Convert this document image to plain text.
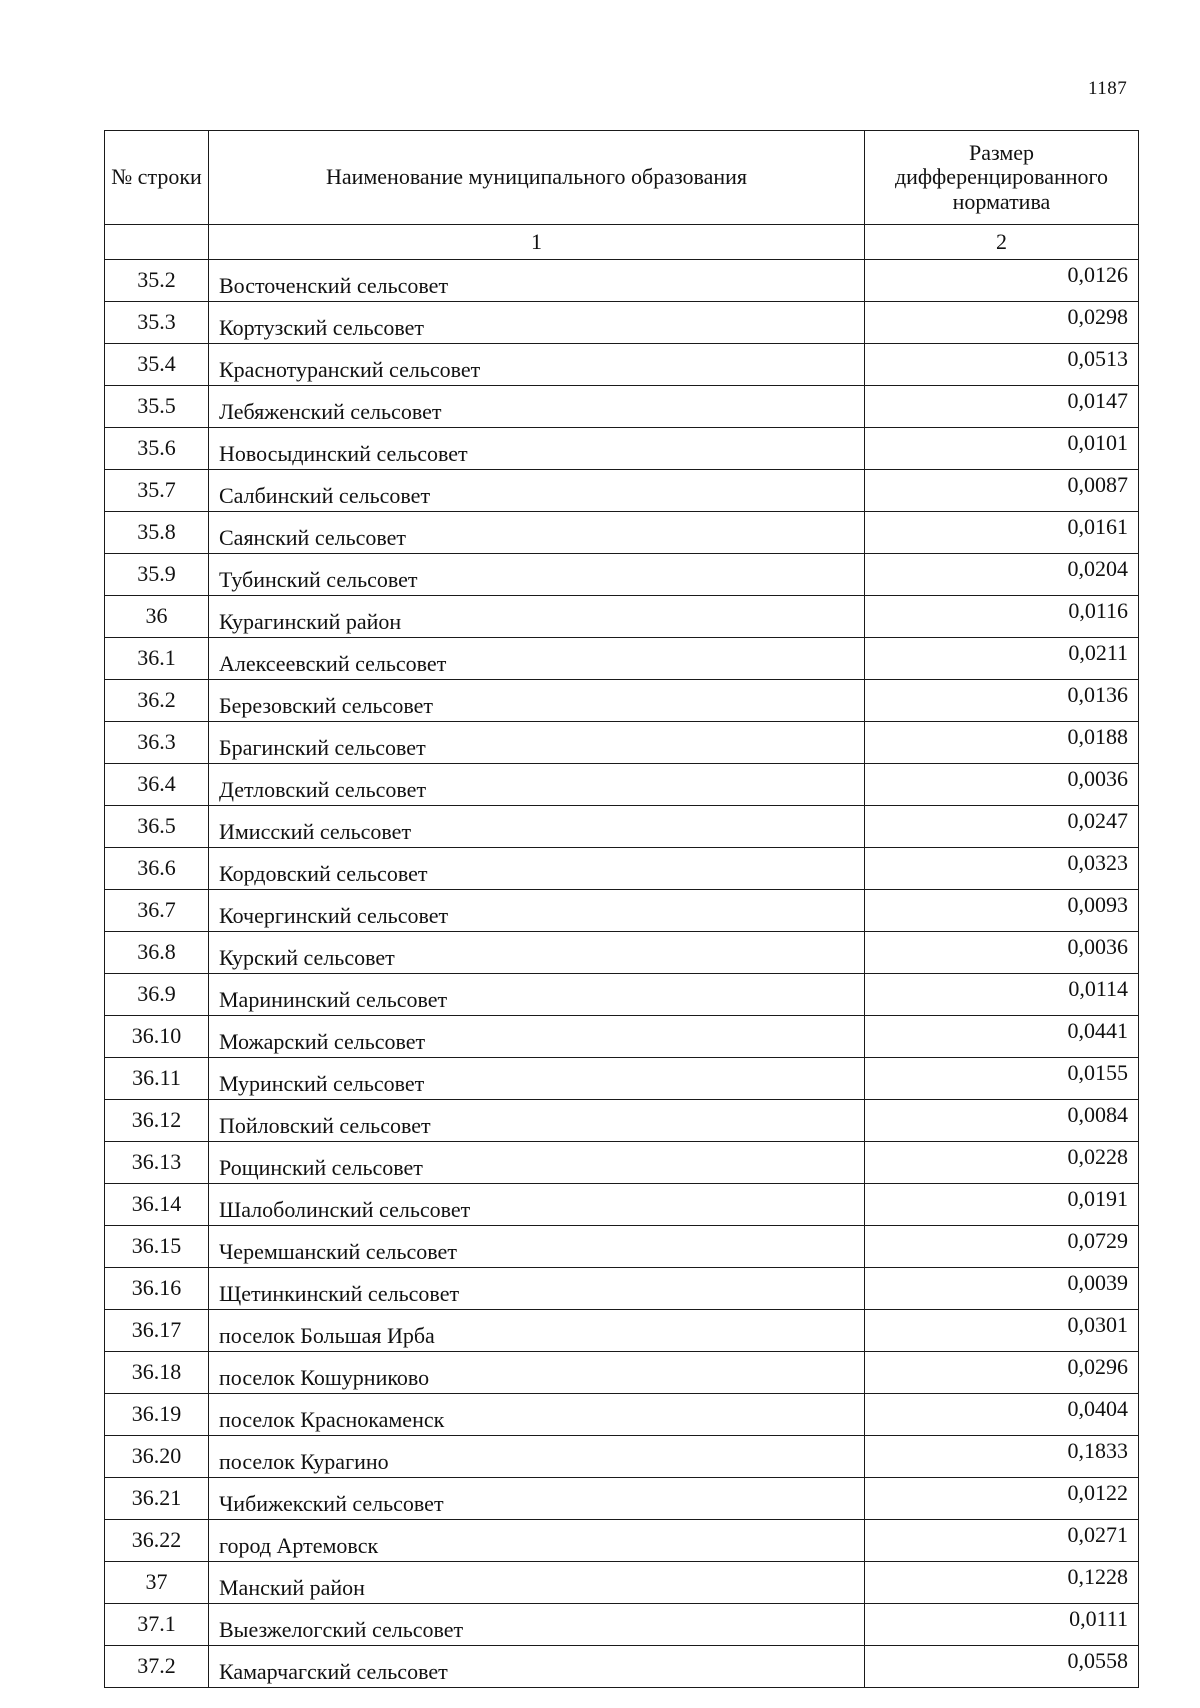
1187
№ строки	Наименование муниципального образования	Размер дифференцированного норматива

	1	2
35.2	Восточенский сельсовет	0,0126
35.3	Кортузский сельсовет	0,0298
35.4	Краснотуранский сельсовет	0,0513
35.5	Лебяженский сельсовет	0,0147
35.6	Новосыдинский сельсовет	0,0101
35.7	Салбинский сельсовет	0,0087
35.8	Саянский сельсовет	0,0161
35.9	Тубинский сельсовет	0,0204
36	Курагинский район	0,0116
36.1	Алексеевский сельсовет	0,0211
36.2	Березовский сельсовет	0,0136
36.3	Брагинский сельсовет	0,0188
36.4	Детловский сельсовет	0,0036
36.5	Имисский сельсовет	0,0247
36.6	Кордовский сельсовет	0,0323
36.7	Кочергинский сельсовет	0,0093
36.8	Курский сельсовет	0,0036
36.9	Марининский сельсовет	0,0114
36.10	Можарский сельсовет	0,0441
36.11	Муринский сельсовет	0,0155
36.12	Пойловский сельсовет	0,0084
36.13	Рощинский сельсовет	0,0228
36.14	Шалоболинский сельсовет	0,0191
36.15	Черемшанский сельсовет	0,0729
36.16	Щетинкинский сельсовет	0,0039
36.17	поселок Большая Ирба	0,0301
36.18	поселок Кошурниково	0,0296
36.19	поселок Краснокаменск	0,0404
36.20	поселок Курагино	0,1833
36.21	Чибижекский сельсовет	0,0122
36.22	город Артемовск	0,0271
37	Манский район	0,1228
37.1	Выезжелогский сельсовет	0,0111
37.2	Камарчагский сельсовет	0,0558
